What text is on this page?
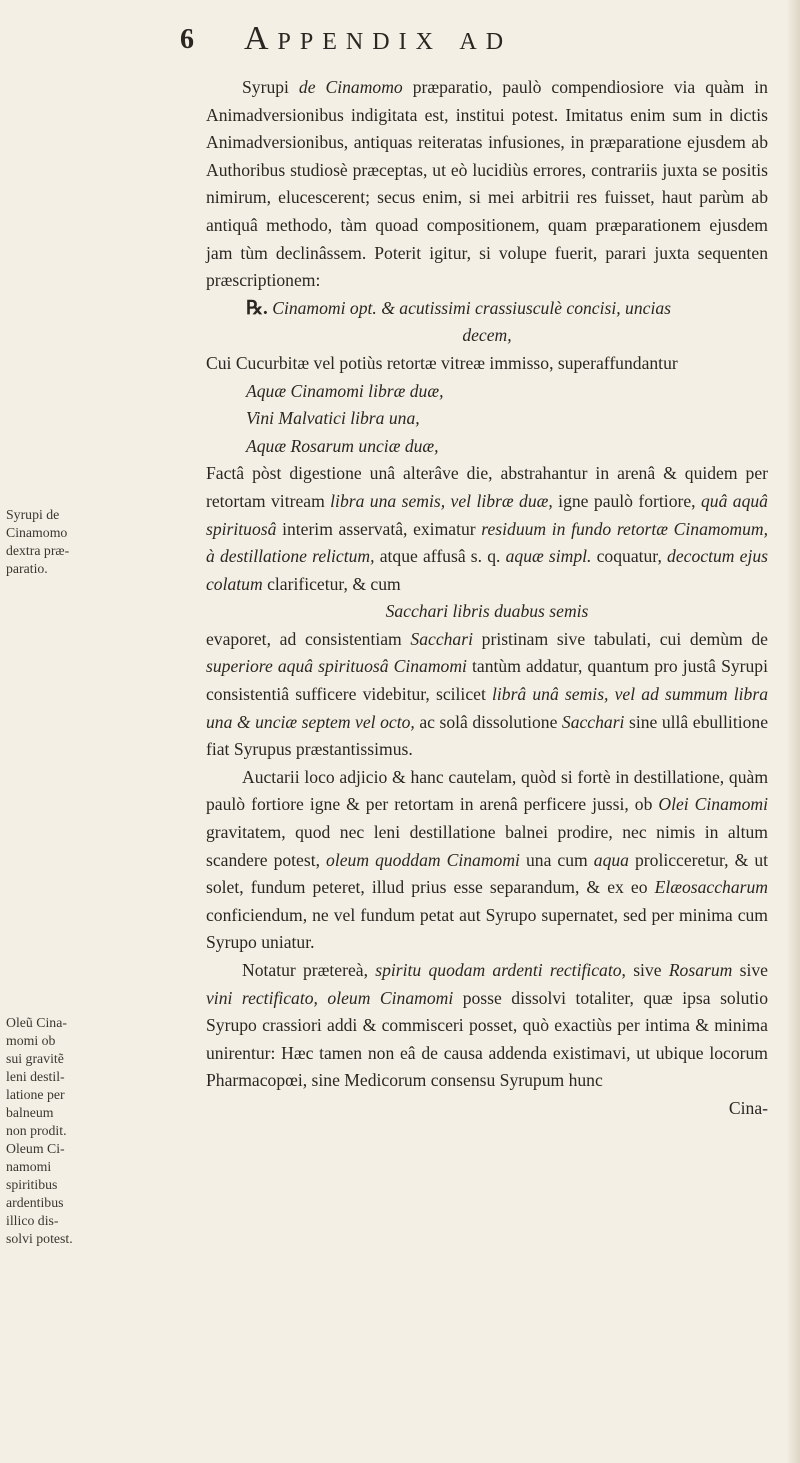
6 Appendix ad
Syrupi de
Cinamomo
dextra præ-
paratio.
Oleũ Cina-
momi ob
sui gravitẽ
leni destil-
latione per
balneum
non prodit.
Oleum Ci-
namomi
spiritibus
ardentibus
illico dis-
solvi potest.

Syrupi de Cinamomo præparatio, paulò compendiosiore via quàm in Animadversionibus indigitata est, institui potest. Imitatus enim sum in dictis Animadversionibus, antiquas reiteratas infusiones, in præparatione ejusdem ab Authoribus studiosè præceptas, ut eò lucidiùs errores, contrariis juxta se positis nimirum, elucescerent; secus enim, si mei arbitrii res fuisset, haut parùm ab antiquâ methodo, tàm quoad compositionem, quam præparationem ejusdem jam tùm declinâssem. Poterit igitur, si volupe fuerit, parari juxta sequenten præscriptionem:

℞. Cinamomi opt. & acutissimi crassiusculè concisi, uncias

decem,

Cui Cucurbitæ vel potiùs retortæ vitreæ immisso, superaffundantur

Aquæ Cinamomi libræ duæ,

Vini Malvatici libra una,

Aquæ Rosarum unciæ duæ,

Factâ pòst digestione unâ alterâve die, abstrahantur in arenâ & quidem per retortam vitream libra una semis, vel libræ duæ, igne paulò fortiore, quâ aquâ spirituosâ interim asservatâ, eximatur residuum in fundo retortæ Cinamomum, à destillatione relictum, atque affusâ s. q. aquæ simpl. coquatur, decoctum ejus colatum clarificetur, & cum

Sacchari libris duabus semis

evaporet, ad consistentiam Sacchari pristinam sive tabulati, cui demùm de superiore aquâ spirituosâ Cinamomi tantùm addatur, quantum pro justâ Syrupi consistentiâ sufficere videbitur, scilicet librâ unâ semis, vel ad summum libra una & unciæ septem vel octo, ac solâ dissolutione Sacchari sine ullâ ebullitione fiat Syrupus præstantissimus.

Auctarii loco adjicio & hanc cautelam, quòd si fortè in destillatione, quàm paulò fortiore igne & per retortam in arenâ perficere jussi, ob Olei Cinamomi gravitatem, quod nec leni destillatione balnei prodire, nec nimis in altum scandere potest, oleum quoddam Cinamomi una cum aqua prolicceretur, & ut solet, fundum peteret, illud prius esse separandum, & ex eo Elæosaccharum conficiendum, ne vel fundum petat aut Syrupo supernatet, sed per minima cum Syrupo uniatur.

Notatur prætereà, spiritu quodam ardenti rectificato, sive Rosarum sive vini rectificato, oleum Cinamomi posse dissolvi totaliter, quæ ipsa solutio Syrupo crassiori addi & commisceri posset, quò exactiùs per intima & minima unirentur: Hæc tamen non eâ de causa addenda existimavi, ut ubique locorum Pharmacopœi, sine Medicorum consensu Syrupum hunc

Cina-
